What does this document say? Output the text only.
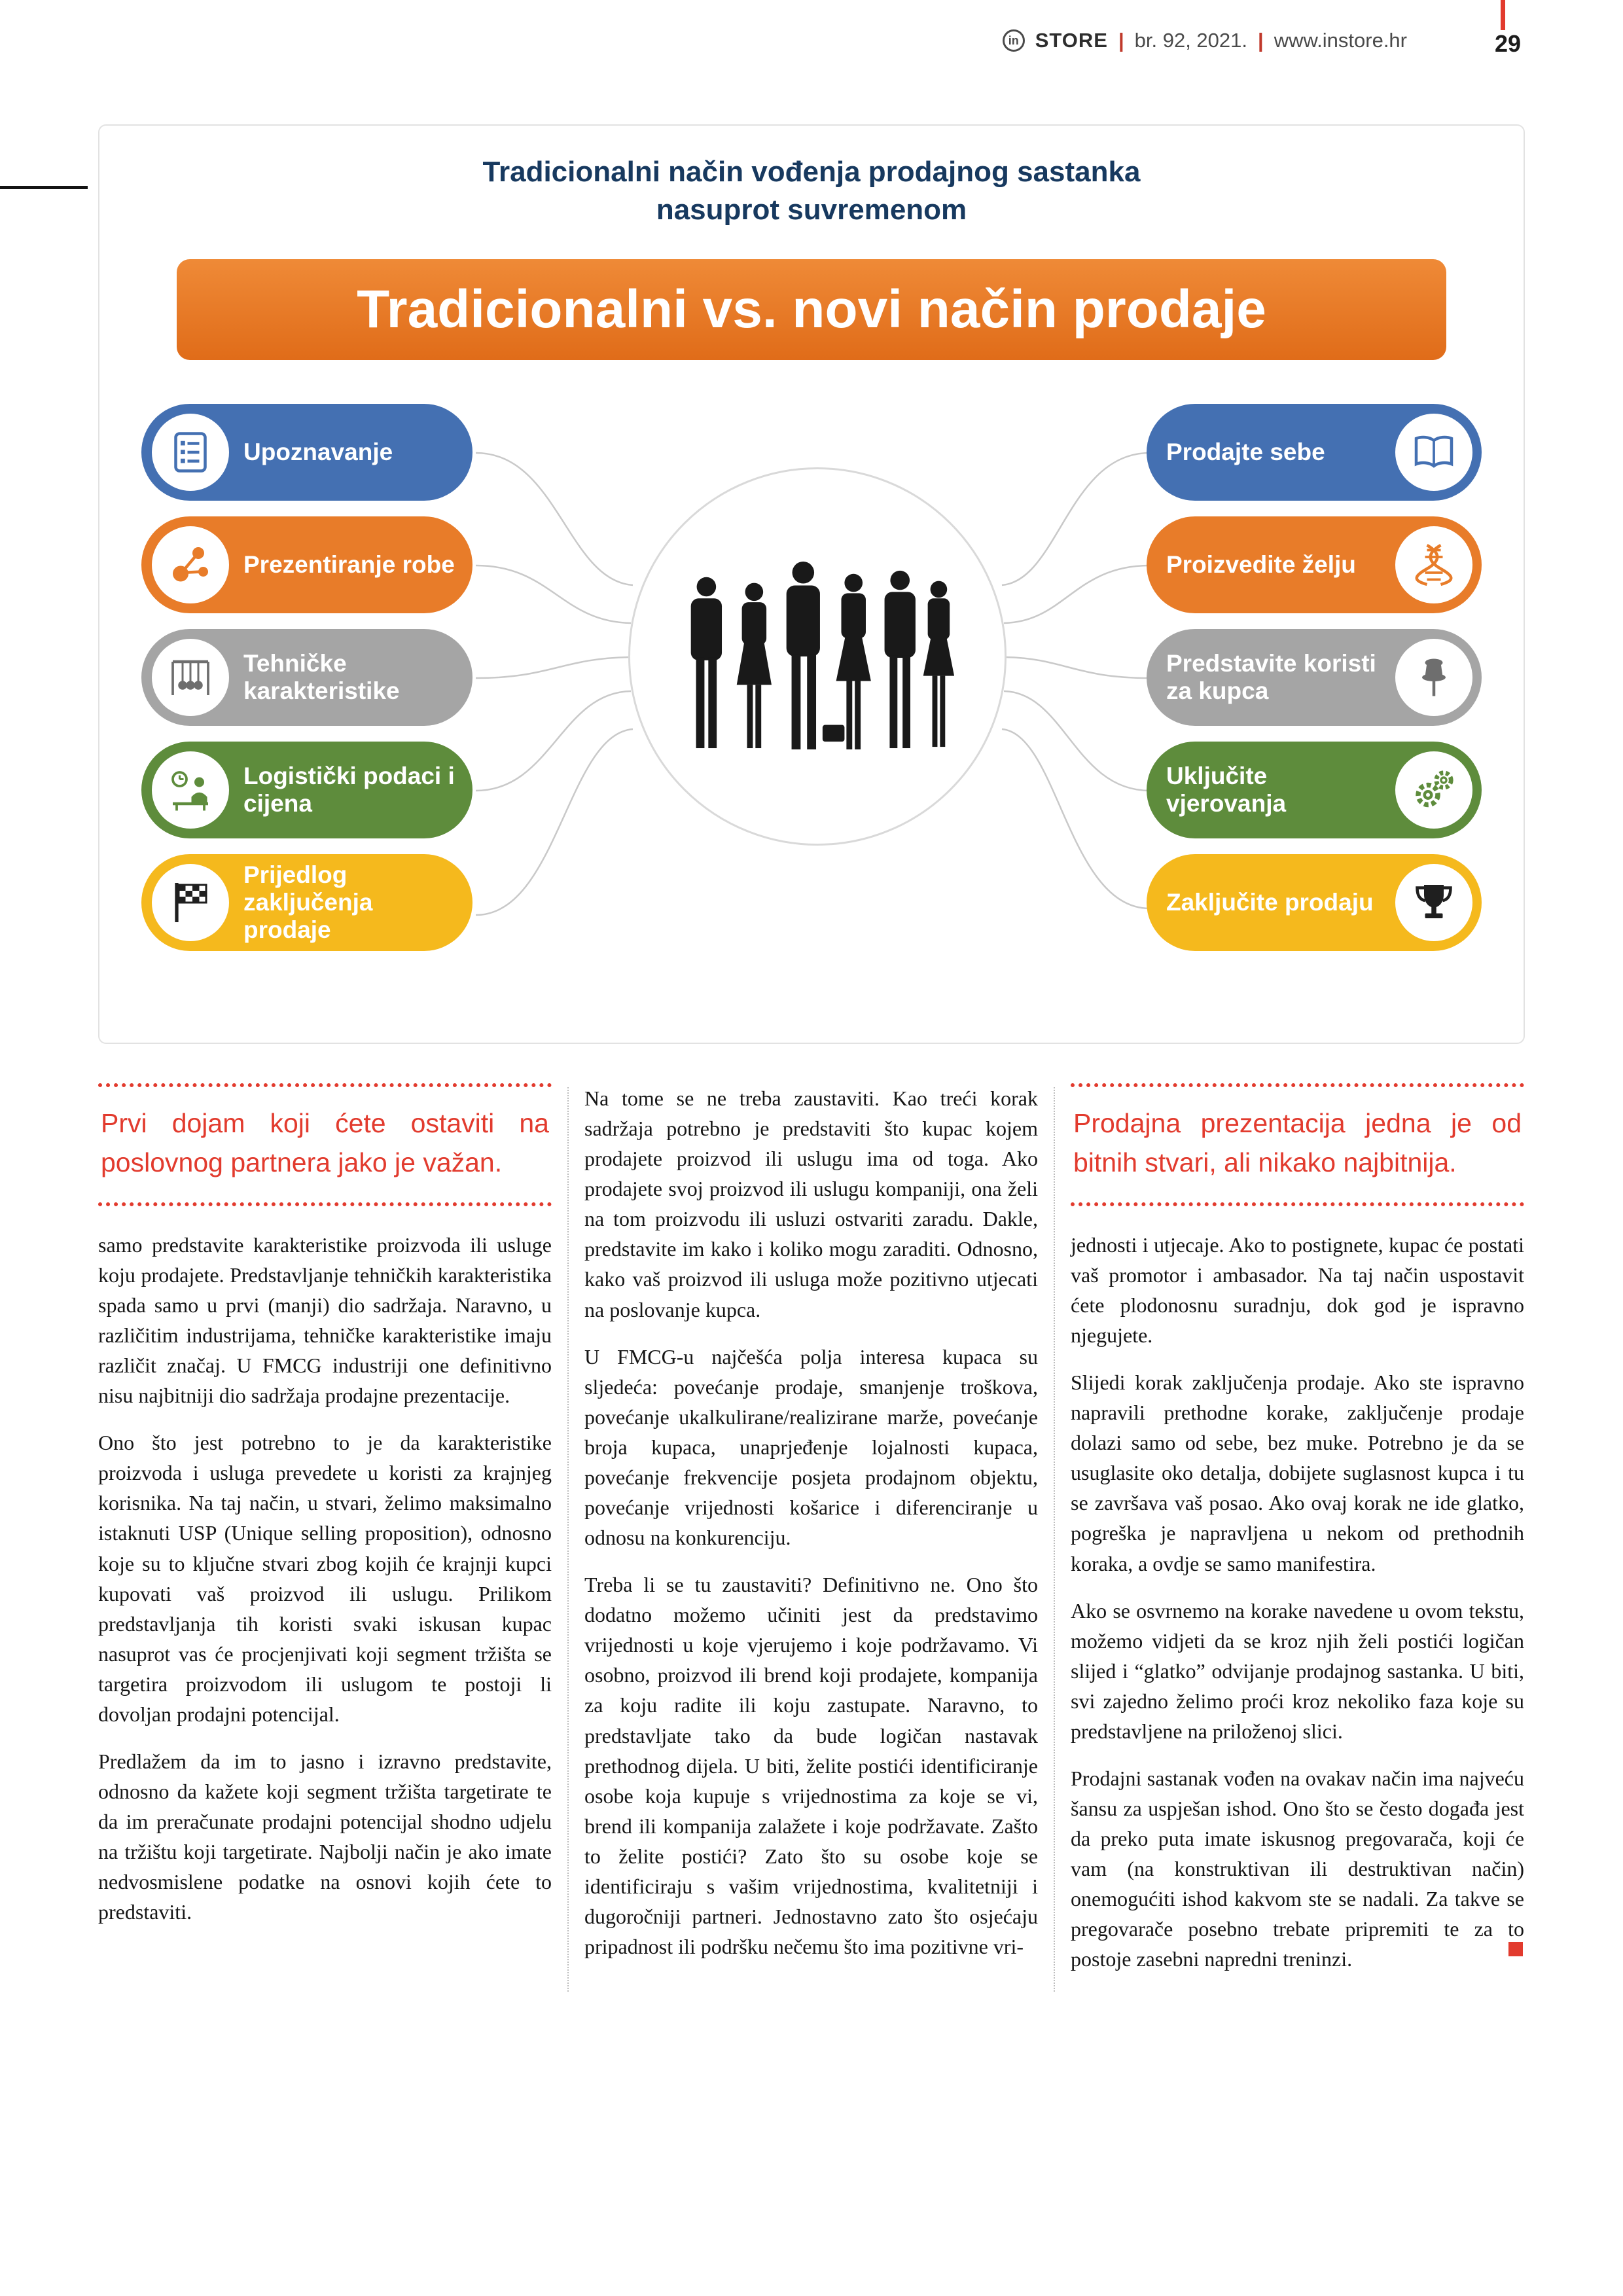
in STORE | br. 92, 2021. | www.instore.hr	29
Tradicionalni način vođenja prodajnog sastanka
nasuprot suvremenom
Tradicionalni vs. novi način prodaje
Upoznavanje
Prezentiranje robe
Tehničke karakteristike
Logistički podaci i cijena
Prijedlog zaključenja prodaje
Prodajte sebe
Proizvedite želju
Predstavite koristi za kupca
Uključite vjerovanja
Zaključite prodaju
Prvi dojam koji ćete ostaviti na poslovnog partnera jako je važan.

samo predstavite karakteristike proizvoda ili usluge koju prodajete. Predstavljanje tehničkih karakteristika spada samo u prvi (manji) dio sadržaja. Naravno, u različitim industrijama, tehničke karakteristike imaju različit značaj. U FMCG industriji one definitivno nisu najbitniji dio sadržaja prodajne prezentacije.

Ono što jest potrebno to je da karakteristike proizvoda i usluga prevedete u koristi za krajnjeg korisnika. Na taj način, u stvari, želimo maksimalno istaknuti USP (Unique selling proposition), odnosno koje su to ključne stvari zbog kojih će krajnji kupci kupovati vaš proizvod ili uslugu. Prilikom predstavljanja tih koristi svaki iskusan kupac nasuprot vas će procjenjivati koji segment tržišta se targetira proizvodom ili uslugom te postoji li dovoljan prodajni potencijal.

Predlažem da im to jasno i izravno predstavite, odnosno da kažete koji segment tržišta targetirate te da im preračunate prodajni potencijal shodno udjelu na tržištu koji targetirate. Najbolji način je ako imate nedvosmislene podatke na osnovi kojih ćete to predstaviti.

Na tome se ne treba zaustaviti. Kao treći korak sadržaja potrebno je predstaviti što kupac kojem prodajete proizvod ili uslugu ima od toga. Ako prodajete svoj proizvod ili uslugu kompaniji, ona želi na tom proizvodu ili usluzi ostvariti zaradu. Dakle, predstavite im kako i koliko mogu zaraditi. Odnosno, kako vaš proizvod ili usluga može pozitivno utjecati na poslovanje kupca.

U FMCG-u najčešća polja interesa kupaca su sljedeća: povećanje prodaje, smanjenje troškova, povećanje ukalkulirane/realizirane marže, povećanje broja kupaca, unaprjeđenje lojalnosti kupaca, povećanje frekvencije posjeta prodajnom objektu, povećanje vrijednosti košarice i diferenciranje u odnosu na konkurenciju.

Treba li se tu zaustaviti? Definitivno ne. Ono što dodatno možemo učiniti jest da predstavimo vrijednosti u koje vjerujemo i koje podržavamo. Vi osobno, proizvod ili brend koji prodajete, kompanija za koju radite ili koju zastupate. Naravno, to predstavljate tako da bude logičan nastavak prethodnog dijela. U biti, želite postići identificiranje osobe koja kupuje s vrijednostima za koje se vi, brend ili kompanija zalažete i koje podržavate. Zašto to želite postići? Zato što su osobe koje se identificiraju s vašim vrijednostima, kvalitetniji i dugoročniji partneri. Jednostavno zato što osjećaju pripadnost ili podršku nečemu što ima pozitivne vri-

Prodajna prezentacija jedna je od bitnih stvari, ali nikako najbitnija.

jednosti i utjecaje. Ako to postignete, kupac će postati vaš promotor i ambasador. Na taj način uspostavit ćete plodonosnu suradnju, dok god je ispravno njegujete.

Slijedi korak zaključenja prodaje. Ako ste ispravno napravili prethodne korake, zaključenje prodaje dolazi samo od sebe, bez muke. Potrebno je da se usuglasite oko detalja, dobijete suglasnost kupca i tu se završava vaš posao. Ako ovaj korak ne ide glatko, pogreška je napravljena u nekom od prethodnih koraka, a ovdje se samo manifestira.

Ako se osvrnemo na korake navedene u ovom tekstu, možemo vidjeti da se kroz njih želi postići logičan slijed i “glatko” odvijanje prodajnog sastanka. U biti, svi zajedno želimo proći kroz nekoliko faza koje su predstavljene na priloženoj slici.

Prodajni sastanak vođen na ovakav način ima najveću šansu za uspješan ishod. Ono što se često događa jest da preko puta imate iskusnog pregovarača, koji će vam (na konstruktivan ili destruktivan način) onemogućiti ishod kakvom ste se nadali. Za takve se pregovarače posebno trebate pripremiti te za to postoje zasebni napredni treninzi.
